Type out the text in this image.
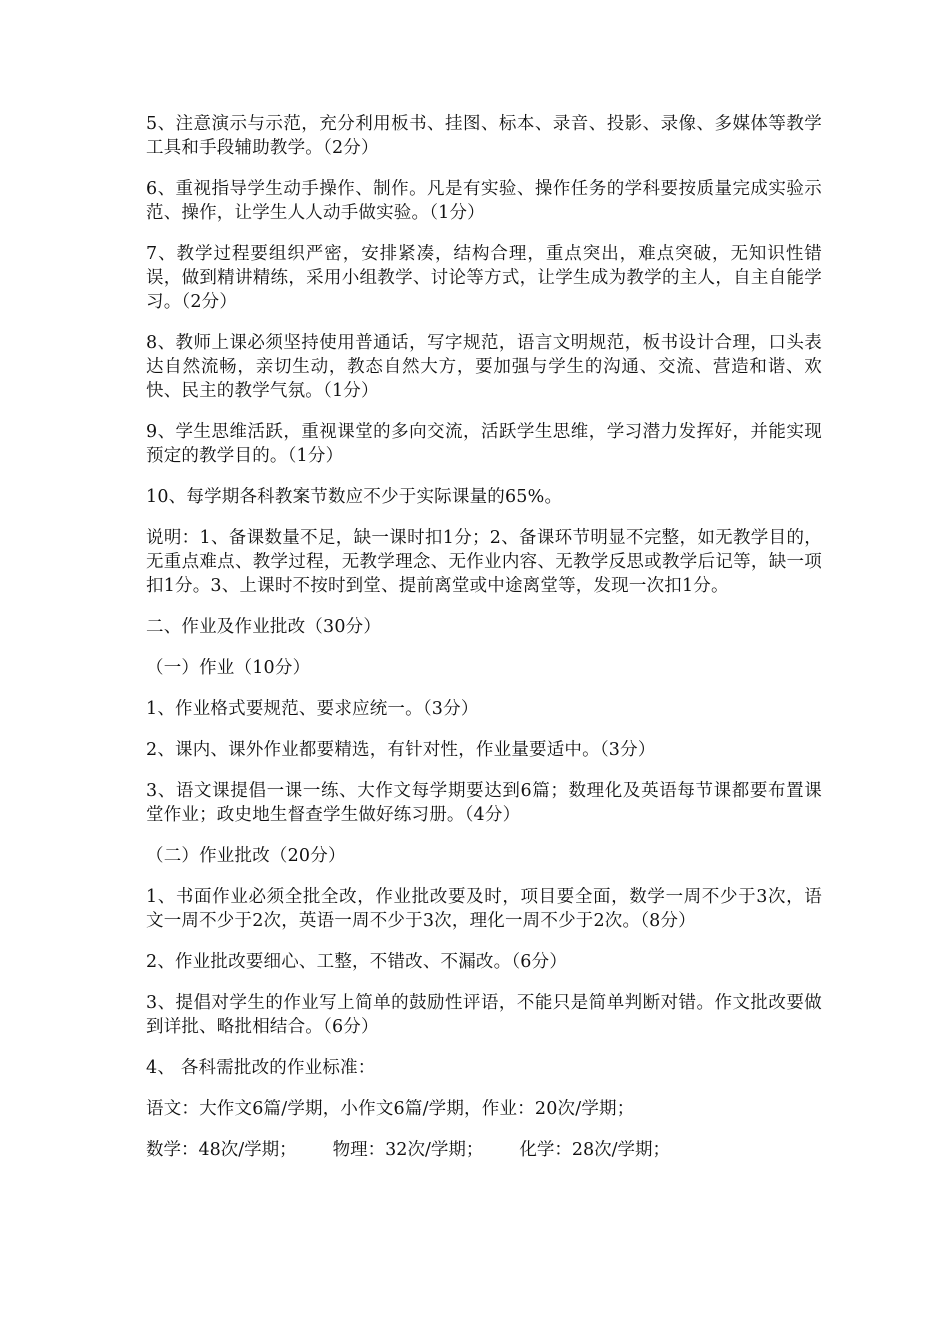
5、注意演示与示范，充分利用板书、挂图、标本、录音、投影、录像、多媒体等教学工具和手段辅助教学。（2分）

6、重视指导学生动手操作、制作。凡是有实验、操作任务的学科要按质量完成实验示范、操作，让学生人人动手做实验。（1分）

7、教学过程要组织严密，安排紧凑，结构合理，重点突出，难点突破，无知识性错误，做到精讲精练，采用小组教学、讨论等方式，让学生成为教学的主人，自主自能学习。（2分）

8、教师上课必须坚持使用普通话，写字规范，语言文明规范，板书设计合理，口头表达自然流畅，亲切生动，教态自然大方，要加强与学生的沟通、交流、营造和谐、欢快、民主的教学气氛。（1分）

9、学生思维活跃，重视课堂的多向交流，活跃学生思维，学习潜力发挥好，并能实现预定的教学目的。（1分）

10、每学期各科教案节数应不少于实际课量的65%。

说明：1、备课数量不足，缺一课时扣1分；2、备课环节明显不完整，如无教学目的，无重点难点、教学过程，无教学理念、无作业内容、无教学反思或教学后记等，缺一项扣1分。3、上课时不按时到堂、提前离堂或中途离堂等，发现一次扣1分。

二、作业及作业批改（30分）

（一）作业（10分）

1、作业格式要规范、要求应统一。（3分）

2、课内、课外作业都要精选，有针对性，作业量要适中。（3分）

3、语文课提倡一课一练、大作文每学期要达到6篇；数理化及英语每节课都要布置课堂作业；政史地生督查学生做好练习册。（4分）

（二）作业批改（20分）

1、书面作业必须全批全改，作业批改要及时，项目要全面，数学一周不少于3次，语文一周不少于2次，英语一周不少于3次，理化一周不少于2次。（8分）

2、作业批改要细心、工整，不错改、不漏改。（6分）

3、提倡对学生的作业写上简单的鼓励性评语，不能只是简单判断对错。作文批改要做到详批、略批相结合。（6分）

4、 各科需批改的作业标准：

语文：大作文6篇/学期，小作文6篇/学期，作业：20次/学期；

数学：48次/学期； 物理：32次/学期； 化学：28次/学期；
